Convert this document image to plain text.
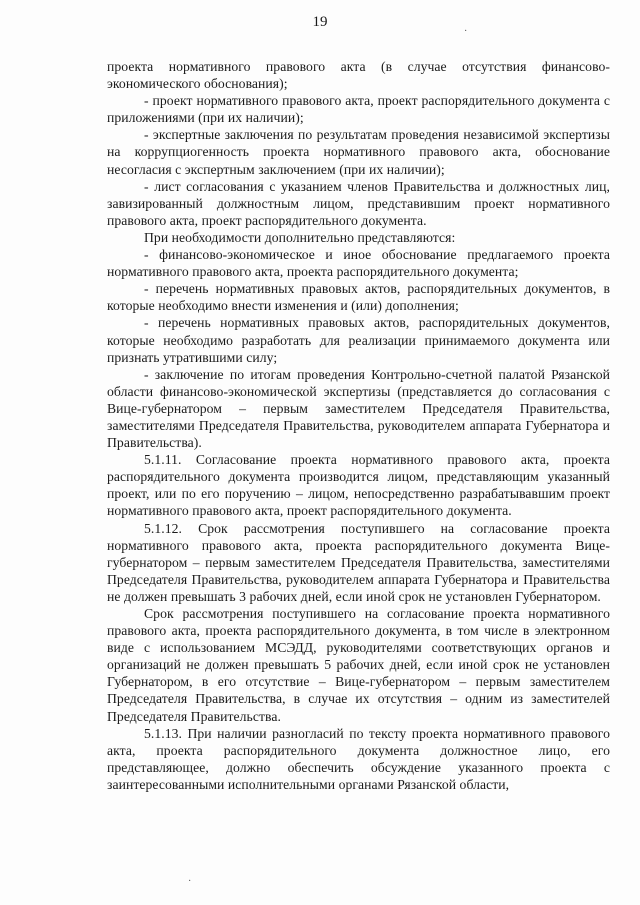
19

проекта нормативного правового акта (в случае отсутствия финансово-экономического обоснования);

- проект нормативного правового акта, проект распорядительного документа с приложениями (при их наличии);

- экспертные заключения по результатам проведения независимой экспертизы на коррупциогенность проекта нормативного правового акта, обоснование несогласия с экспертным заключением (при их наличии);

- лист согласования с указанием членов Правительства и должностных лиц, завизированный должностным лицом, представившим проект нормативного правового акта, проект распорядительного документа.

При необходимости дополнительно представляются:

- финансово-экономическое и иное обоснование предлагаемого проекта нормативного правового акта, проекта распорядительного документа;

- перечень нормативных правовых актов, распорядительных документов, в которые необходимо внести изменения и (или) дополнения;

- перечень нормативных правовых актов, распорядительных документов, которые необходимо разработать для реализации принимаемого документа или признать утратившими силу;

- заключение по итогам проведения Контрольно-счетной палатой Рязанской области финансово-экономической экспертизы (представляется до согласования с Вице-губернатором – первым заместителем Председателя Правительства, заместителями Председателя Правительства, руководителем аппарата Губернатора и Правительства).

5.1.11. Согласование проекта нормативного правового акта, проекта распорядительного документа производится лицом, представляющим указанный проект, или по его поручению – лицом, непосредственно разрабатывавшим проект нормативного правового акта, проект распорядительного документа.

5.1.12. Срок рассмотрения поступившего на согласование проекта нормативного правового акта, проекта распорядительного документа Вице-губернатором – первым заместителем Председателя Правительства, заместителями Председателя Правительства, руководителем аппарата Губернатора и Правительства не должен превышать 3 рабочих дней, если иной срок не установлен Губернатором.

Срок рассмотрения поступившего на согласование проекта нормативного правового акта, проекта распорядительного документа, в том числе в электронном виде с использованием МСЭДД, руководителями соответствующих органов и организаций не должен превышать 5 рабочих дней, если иной срок не установлен Губернатором, в его отсутствие – Вице-губернатором – первым заместителем Председателя Правительства, в случае их отсутствия – одним из заместителей Председателя Правительства.

5.1.13. При наличии разногласий по тексту проекта нормативного правового акта, проекта распорядительного документа должностное лицо, его представляющее, должно обеспечить обсуждение указанного проекта с заинтересованными исполнительными органами Рязанской области,

·
·
